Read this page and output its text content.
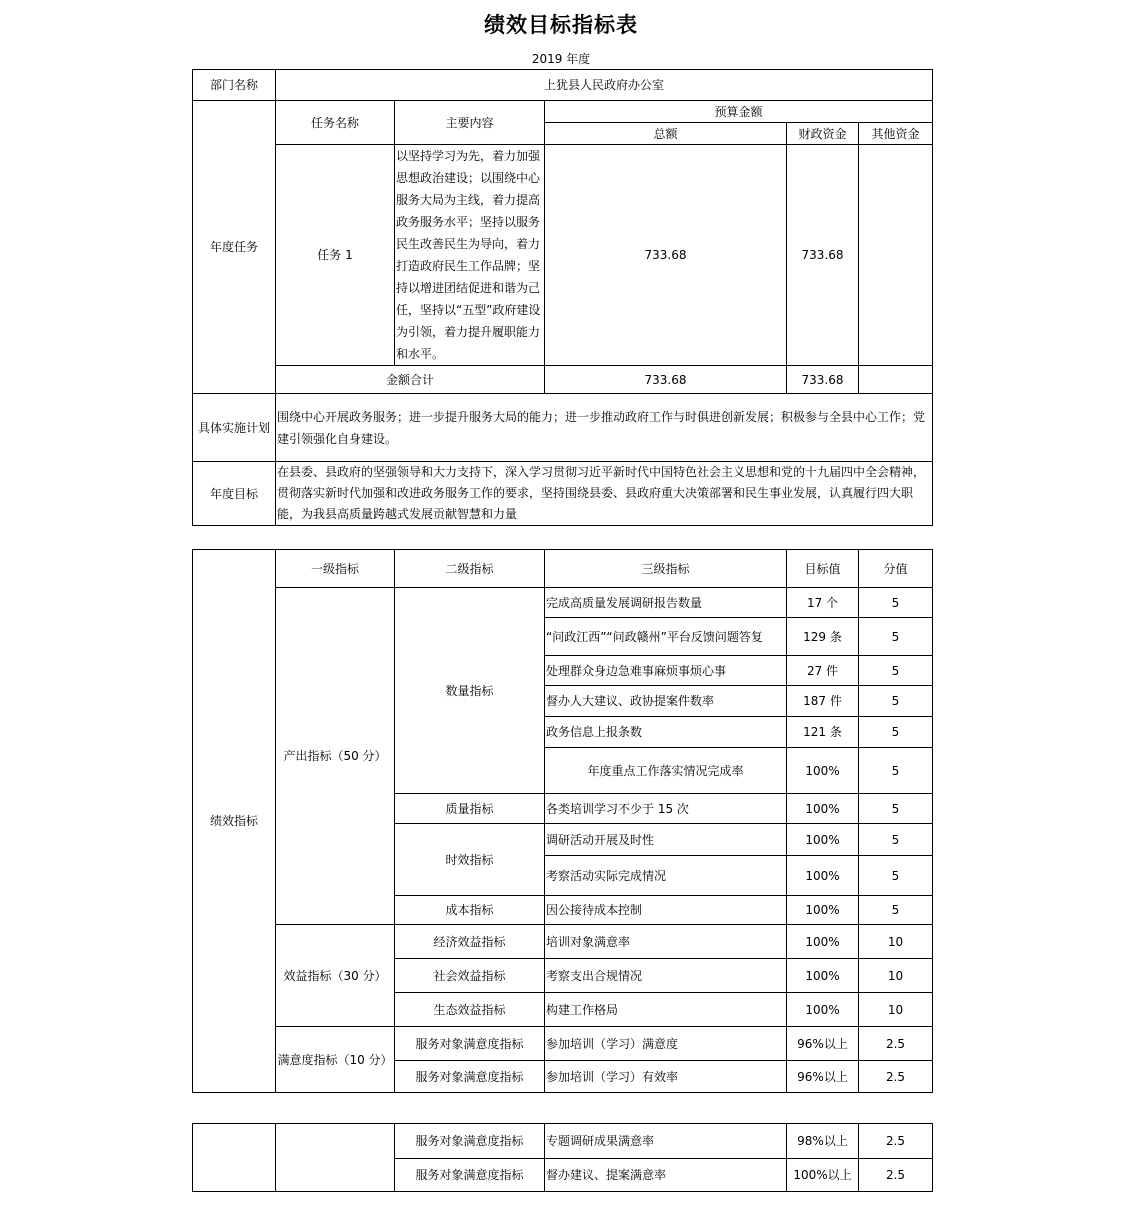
绩效目标指标表
2019 年度
部门名称	上犹县人民政府办公室				
年度任务	任务名称	主要内容	预算金额		
			总额	财政资金	其他资金
	任务 1	以坚持学习为先，着力加强思想政治建设；以围绕中心服务大局为主线，着力提高政务服务水平；坚持以服务民生改善民生为导向，着力打造政府民生工作品牌；坚持以增进团结促进和谐为己任，坚持以“五型”政府建设为引领，着力提升履职能力和水平。	733.68	733.68	
	金额合计		733.68	733.68	
具体实施计划	围绕中心开展政务服务；进一步提升服务大局的能力；进一步推动政府工作与时俱进创新发展；积极参与全县中心工作；党建引领强化自身建设。				
年度目标	在县委、县政府的坚强领导和大力支持下，深入学习贯彻习近平新时代中国特色社会主义思想和党的十九届四中全会精神，贯彻落实新时代加强和改进政务服务工作的要求，坚持围绕县委、县政府重大决策部署和民生事业发展，认真履行四大职能，为我县高质量跨越式发展贡献智慧和力量				
绩效指标	一级指标	二级指标	三级指标	目标值	分值
	产出指标（50 分）	数量指标	完成高质量发展调研报告数量	17 个	5
			“问政江西”“问政赣州”平台反馈问题答复	129 条	5
			处理群众身边急难事麻烦事烦心事	27 件	5
			督办人大建议、政协提案件数率	187 件	5
			政务信息上报条数	121 条	5
			年度重点工作落实情况完成率	100%	5
		质量指标	各类培训学习不少于 15 次	100%	5
		时效指标	调研活动开展及时性	100%	5
			考察活动实际完成情况	100%	5
		成本指标	因公接待成本控制	100%	5
	效益指标（30 分）	经济效益指标	培训对象满意率	100%	10
		社会效益指标	考察支出合规情况	100%	10
		生态效益指标	构建工作格局	100%	10
	满意度指标（10 分）	服务对象满意度指标	参加培训（学习）满意度	96%以上	2.5
		服务对象满意度指标	参加培训（学习）有效率	96%以上	2.5
		服务对象满意度指标	专题调研成果满意率	98%以上	2.5
		服务对象满意度指标	督办建议、提案满意率	100%以上	2.5
